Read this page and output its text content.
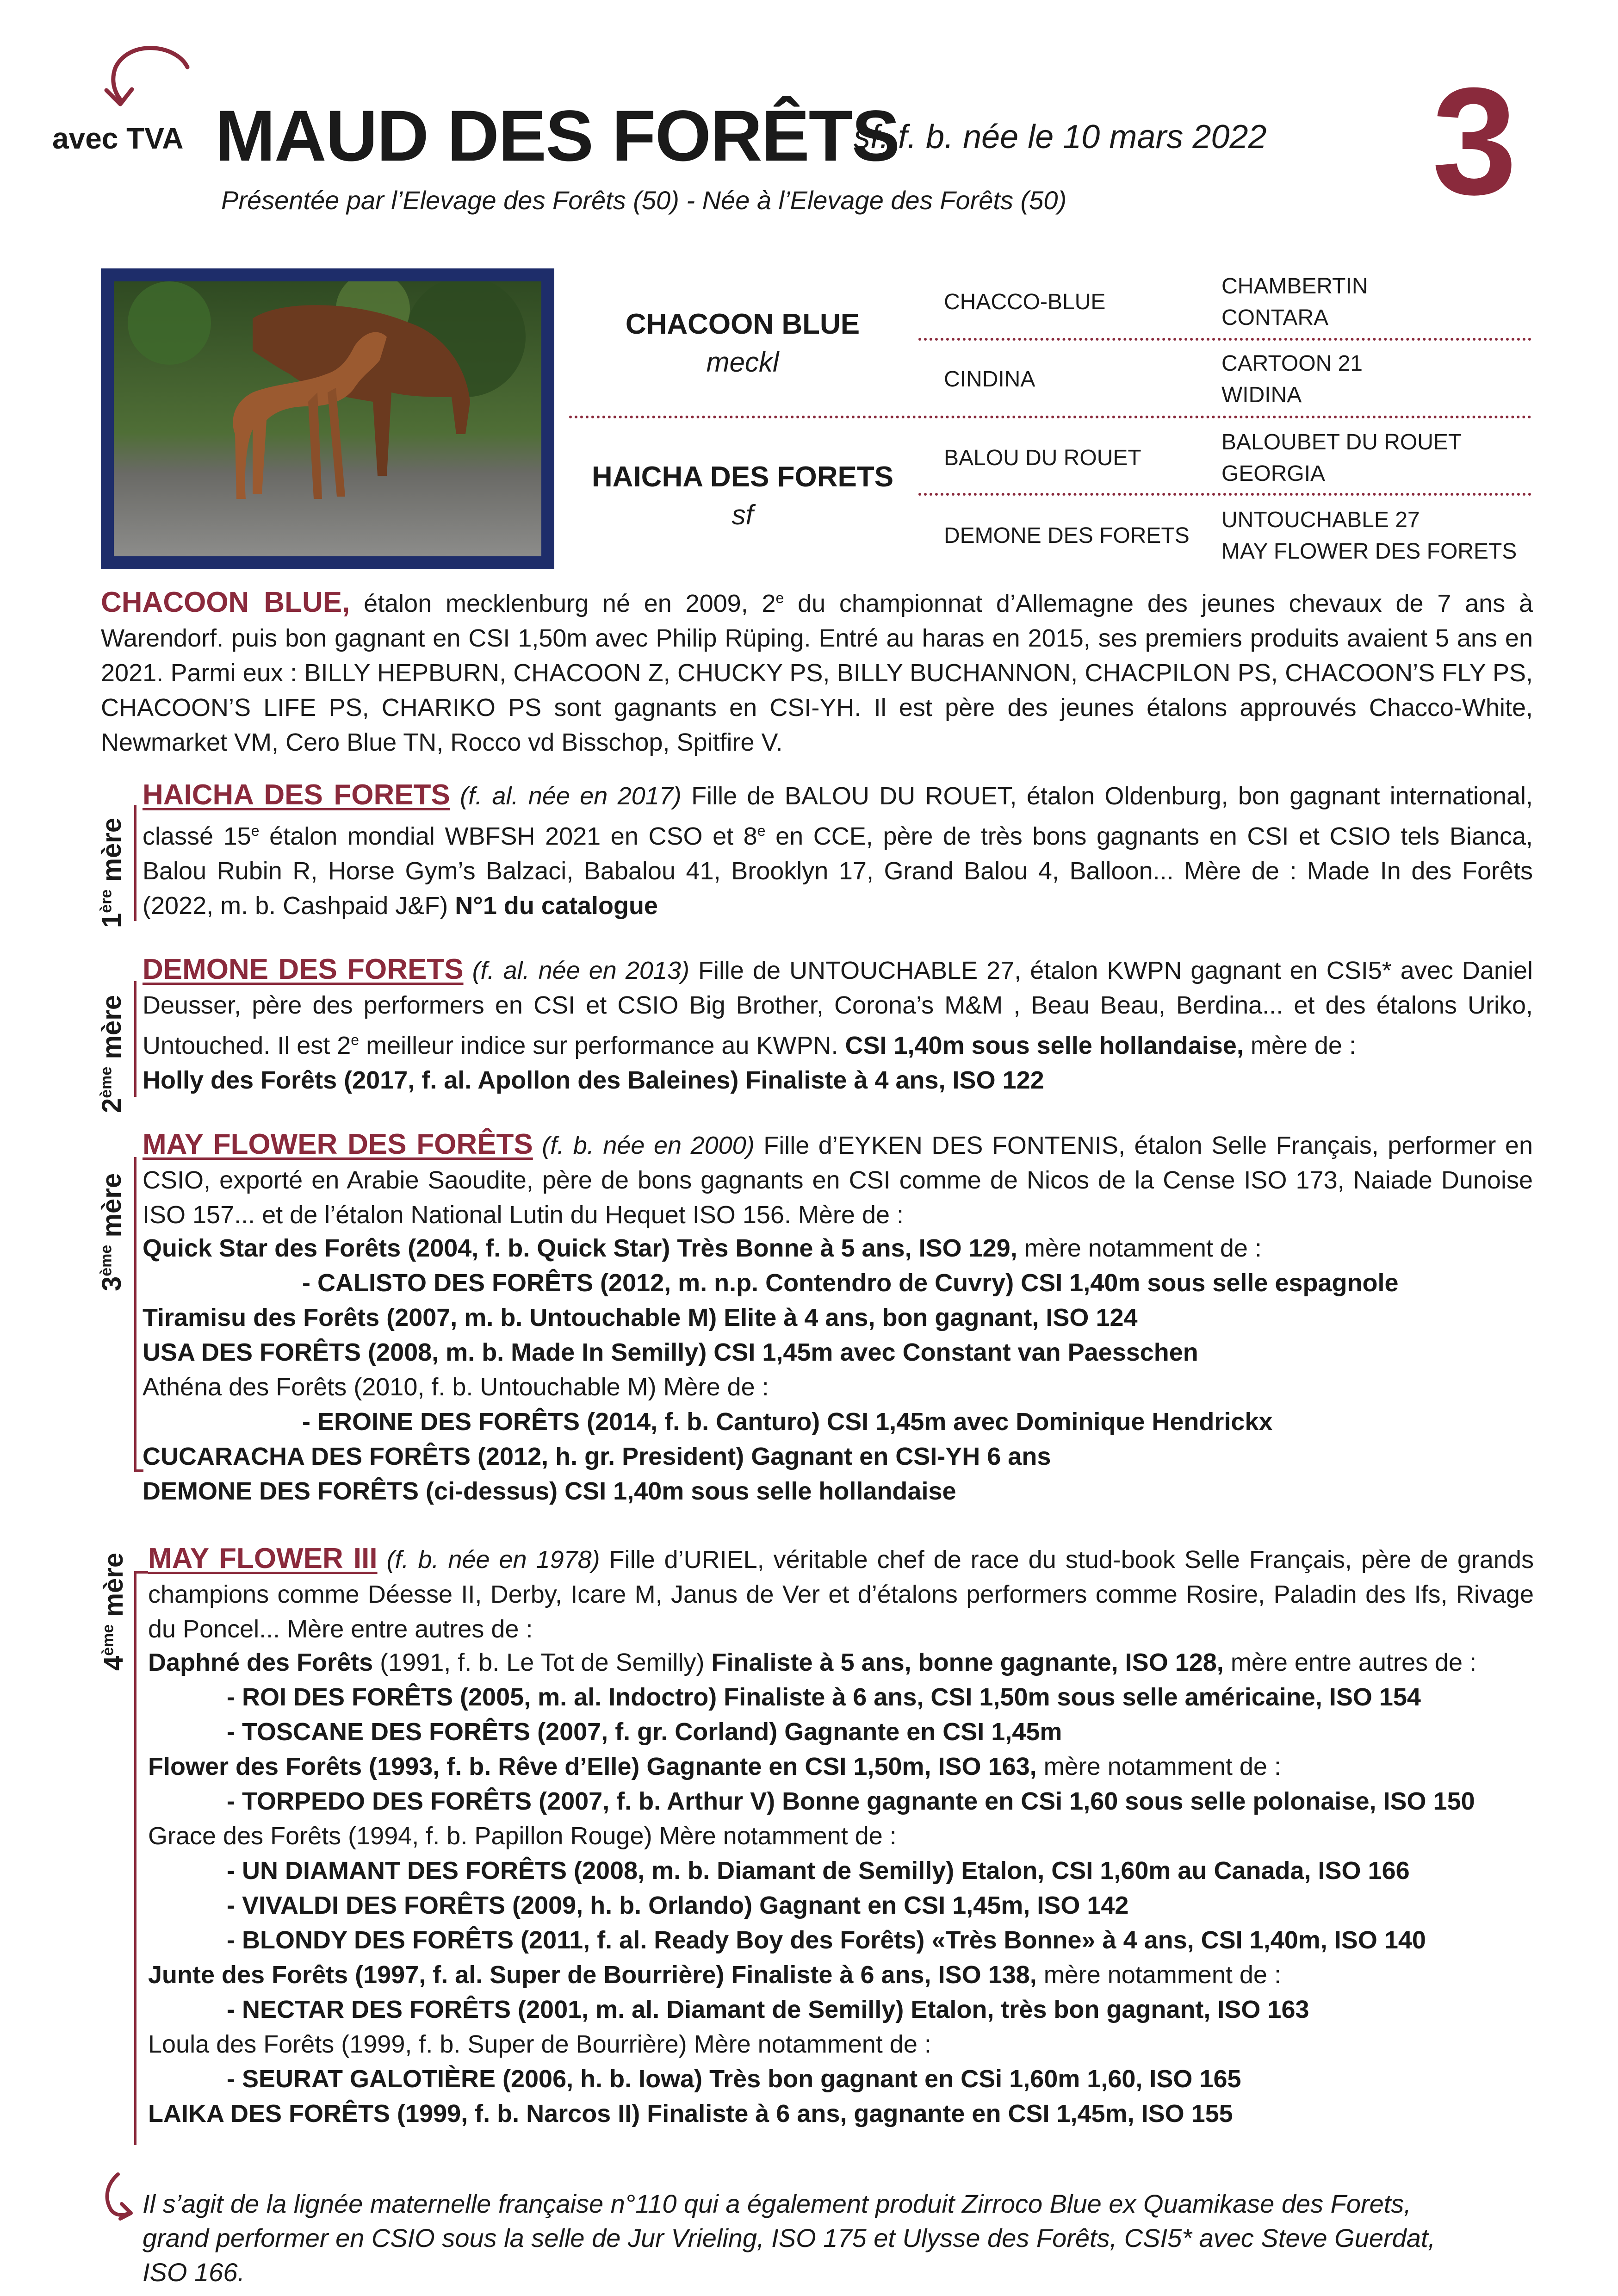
avec TVA MAUD DES FORÊTS
sf. f. b. née le 10 mars 2022 3
Présentée par l’Elevage des Forêts (50) - Née à l’Elevage des Forêts (50)
CHACOON BLUE
meckl
HAICHA DES FORETS
sf
CHACCO-BLUE
CINDINA
BALOU DU ROUET
DEMONE DES FORETS
CHAMBERTIN
CONTARA
CARTOON 21
WIDINA
BALOUBET DU ROUET
GEORGIA
UNTOUCHABLE 27
MAY FLOWER DES FORETS
CHACOON BLUE, étalon mecklenburg né en 2009, 2e du championnat d’Allemagne des jeunes chevaux de 7 ans à Warendorf. puis bon gagnant en CSI 1,50m avec Philip Rüping. Entré au haras en 2015, ses premiers produits avaient 5 ans en 2021. Parmi eux : BILLY HEPBURN, CHACOON Z, CHUCKY PS, BILLY BUCHANNON, CHACPILON PS, CHACOON’S FLY PS, CHACOON’S LIFE PS, CHARIKO PS sont gagnants en CSI-YH. Il est père des jeunes étalons approuvés Chacco-White, Newmarket VM, Cero Blue TN, Rocco vd Bisschop, Spitfire V.
1ère mère
HAICHA DES FORETS (f. al. née en 2017) Fille de BALOU DU ROUET, étalon Oldenburg, bon gagnant international, classé 15e étalon mondial WBFSH 2021 en CSO et 8e en CCE, père de très bons gagnants en CSI et CSIO tels Bianca, Balou Rubin R, Horse Gym’s Balzaci, Babalou 41, Brooklyn 17, Grand Balou 4, Balloon... Mère de : Made In des Forêts (2022, m. b. Cashpaid J&F) N°1 du catalogue
2ème mère
DEMONE DES FORETS (f. al. née en 2013) Fille de UNTOUCHABLE 27, étalon KWPN gagnant en CSI5* avec Daniel Deusser, père des performers en CSI et CSIO Big Brother, Corona’s M&M , Beau Beau, Berdina... et des étalons Uriko, Untouched. Il est 2e meilleur indice sur performance au KWPN. CSI 1,40m sous selle hollandaise, mère de :
Holly des Forêts (2017, f. al. Apollon des Baleines) Finaliste à 4 ans, ISO 122
3ème mère
MAY FLOWER DES FORÊTS (f. b. née en 2000) Fille d’EYKEN DES FONTENIS, étalon Selle Français, performer en CSIO, exporté en Arabie Saoudite, père de bons gagnants en CSI comme de Nicos de la Cense ISO 173, Naiade Dunoise ISO 157... et de l’étalon National Lutin du Hequet ISO 156. Mère de :
Quick Star des Forêts (2004, f. b. Quick Star) Très Bonne à 5 ans, ISO 129, mère notamment de :
- CALISTO DES FORÊTS (2012, m. n.p. Contendro de Cuvry) CSI 1,40m sous selle espagnole
Tiramisu des Forêts (2007, m. b. Untouchable M) Elite à 4 ans, bon gagnant, ISO 124
USA DES FORÊTS (2008, m. b. Made In Semilly) CSI 1,45m avec Constant van Paesschen
Athéna des Forêts (2010, f. b. Untouchable M) Mère de :
- EROINE DES FORÊTS (2014, f. b. Canturo) CSI 1,45m avec Dominique Hendrickx
CUCARACHA DES FORÊTS (2012, h. gr. President) Gagnant en CSI-YH 6 ans
DEMONE DES FORÊTS (ci-dessus) CSI 1,40m sous selle hollandaise
4ème mère MAY FLOWER III (f. b. née en 1978) Fille d’URIEL, véritable chef de race du stud-book Selle Français, père de grands champions comme Déesse II, Derby, Icare M, Janus de Ver et d’étalons performers comme Rosire, Paladin des Ifs, Rivage du Poncel... Mère entre autres de :
Daphné des Forêts (1991, f. b. Le Tot de Semilly) Finaliste à 5 ans, bonne gagnante, ISO 128, mère entre autres de :
- ROI DES FORÊTS (2005, m. al. Indoctro) Finaliste à 6 ans, CSI 1,50m sous selle américaine, ISO 154
- TOSCANE DES FORÊTS (2007, f. gr. Corland) Gagnante en CSI 1,45m
Flower des Forêts (1993, f. b. Rêve d’Elle) Gagnante en CSI 1,50m, ISO 163, mère notamment de :
- TORPEDO DES FORÊTS (2007, f. b. Arthur V) Bonne gagnante en CSi 1,60 sous selle polonaise, ISO 150
Grace des Forêts (1994, f. b. Papillon Rouge) Mère notamment de :
- UN DIAMANT DES FORÊTS (2008, m. b. Diamant de Semilly) Etalon, CSI 1,60m au Canada, ISO 166
- VIVALDI DES FORÊTS (2009, h. b. Orlando) Gagnant en CSI 1,45m, ISO 142
- BLONDY DES FORÊTS (2011, f. al. Ready Boy des Forêts) «Très Bonne» à 4 ans, CSI 1,40m, ISO 140
Junte des Forêts (1997, f. al. Super de Bourrière) Finaliste à 6 ans, ISO 138, mère notamment de :
- NECTAR DES FORÊTS (2001, m. al. Diamant de Semilly) Etalon, très bon gagnant, ISO 163
Loula des Forêts (1999, f. b. Super de Bourrière) Mère notamment de :
- SEURAT GALOTIÈRE (2006, h. b. Iowa) Très bon gagnant en CSi 1,60m 1,60, ISO 165
LAIKA DES FORÊTS (1999, f. b. Narcos II) Finaliste à 6 ans, gagnante en CSI 1,45m, ISO 155
Il s’agit de la lignée maternelle française n°110 qui a également produit Zirroco Blue ex Quamikase des Forets, grand performer en CSIO sous la selle de Jur Vrieling, ISO 175 et Ulysse des Forêts, CSI5* avec Steve Guerdat, ISO 166.
